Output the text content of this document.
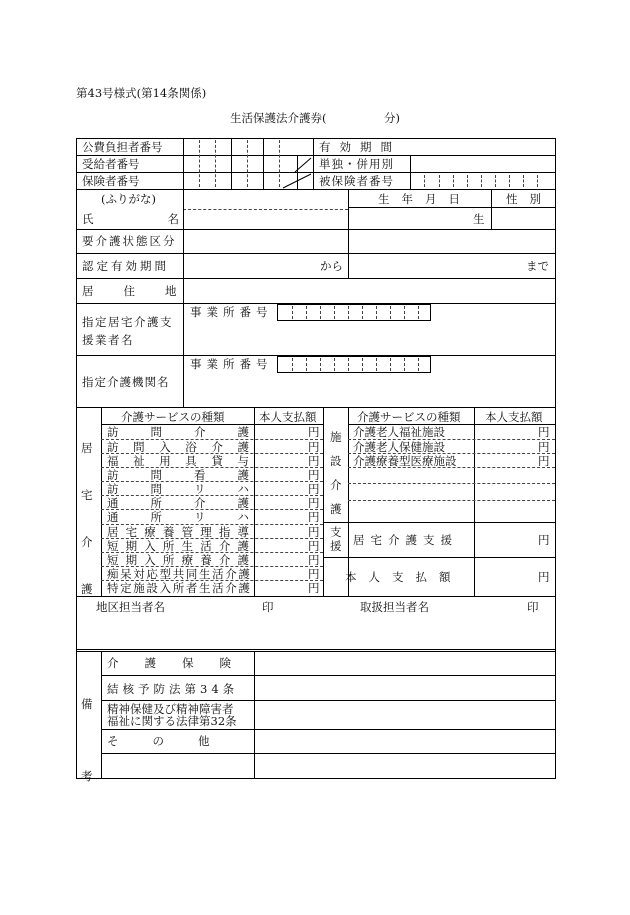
第43号様式(第14条関係)
生活保護法介護券(　　　　　分)
公費負担者番号
受給者番号
保険者番号
有効期間
単独・併用別
被保険者番号
(ふりがな)
氏名
生年月日
生
性別
要介護状態区分
認定有効期間	から	まで
居住地
指定居宅介護支援業者名
事業所番号
指定介護機関名
事業所番号
居宅介護
施設介護
支援
介護サービスの種類	本人支払額	介護サービスの種類 本人支払額
訪	問	介	護	円
訪 問 入 浴 介 護	円
福 祉 用 具 貸 与	円
訪	問	看	護	円
訪	問	リ	ハ	円
通	所	介	護	円
通	所	リ	ハ	円
居 宅 療 養 管 理 指 導	円
短 期 入 所 生 活 介 護	円
短 期 入 所 療 養 介 護	円
痴 呆 対 応 型 共 同 生 活 介 護	円
特 定 施 設 入 所 者 生 活 介 護	円
介護老人福祉施設	円
介護老人保健施設	円
介護療養型医療施設	円
居宅介護支援	円
本人支払額	円
地区担当者名	印	取扱担当者名	印
備考
介護保険
結核予防法第34条
精神保健及び精神障害者
福祉に関する法律第32条
その他
